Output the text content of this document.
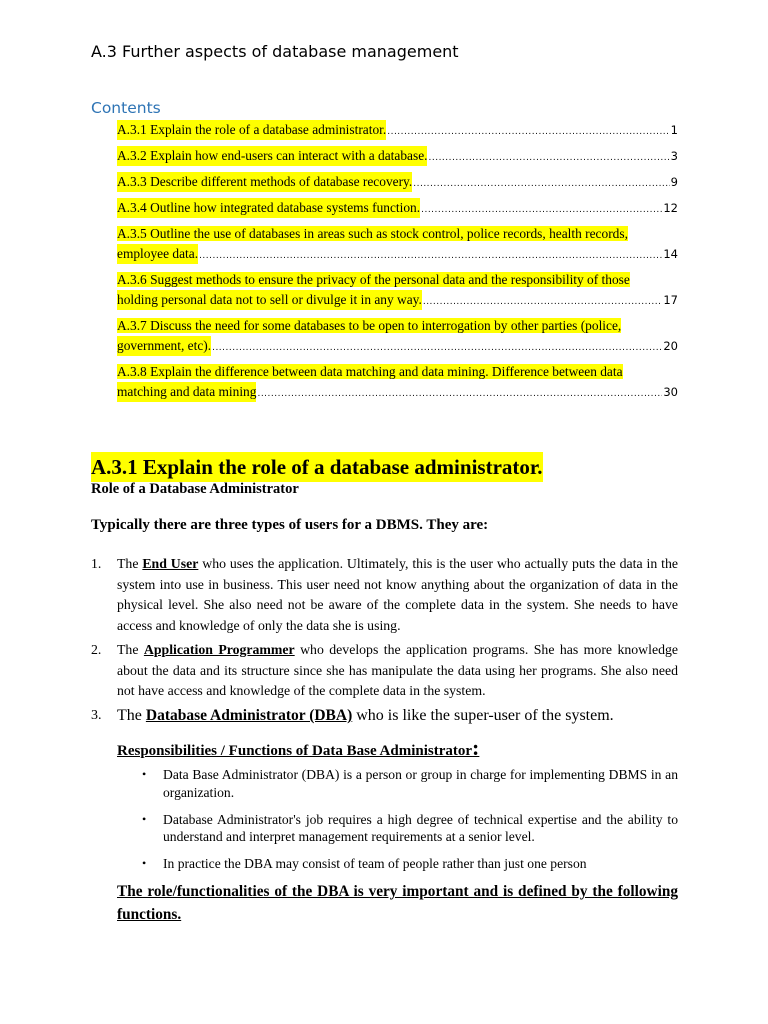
A.3 Further aspects of database management
Contents
A.3.1 Explain the role of a database administrator. .....	1
A.3.2 Explain how end-users can interact with a database. .....	3
A.3.3 Describe different methods of database recovery. .....	9
A.3.4 Outline how integrated database systems function. .....	12
A.3.5 Outline the use of databases in areas such as stock control, police records, health records,
employee data. .....	14
A.3.6 Suggest methods to ensure the privacy of the personal data and the responsibility of those
holding personal data not to sell or divulge it in any way. .....	17
A.3.7 Discuss the need for some databases to be open to interrogation by other parties (police,
government, etc). .....	20
A.3.8 Explain the difference between data matching and data mining. Difference between data
matching and data mining .....	30
A.3.1 Explain the role of a database administrator.
Role of a Database Administrator
Typically there are three types of users for a DBMS. They are:
1. The End User who uses the application. Ultimately, this is the user who actually puts the data in the system into use in business. This user need not know anything about the organization of data in the physical level. She also need not be aware of the complete data in the system. She needs to have access and knowledge of only the data she is using.
2. The Application Programmer who develops the application programs. She has more knowledge about the data and its structure since she has manipulate the data using her programs. She also need not have access and knowledge of the complete data in the system.
3. The Database Administrator (DBA) who is like the super-user of the system.
Responsibilities / Functions of Data Base Administrator:
• Data Base Administrator (DBA) is a person or group in charge for implementing DBMS in an organization.
• Database Administrator's job requires a high degree of technical expertise and the ability to understand and interpret management requirements at a senior level.
• In practice the DBA may consist of team of people rather than just one person
The role/functionalities of the DBA is very important and is defined by the following functions.
